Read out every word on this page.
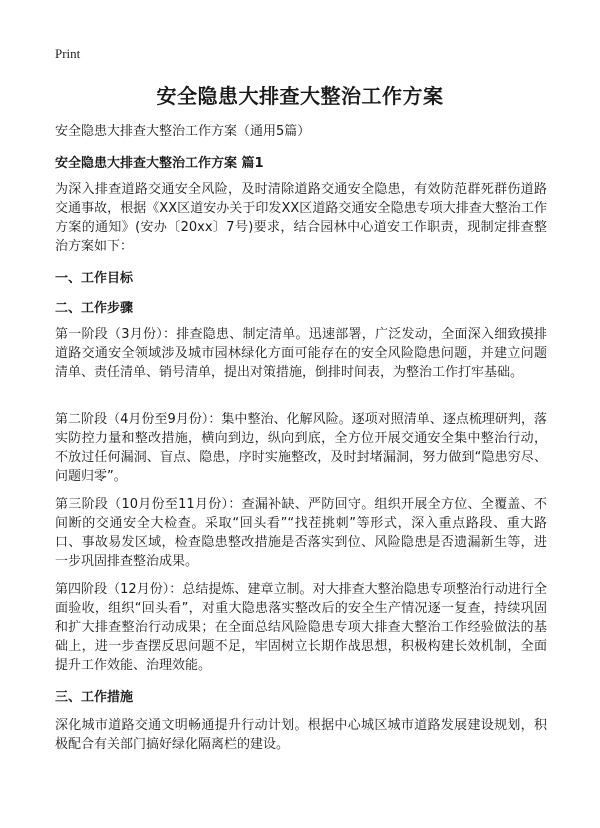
Print
安全隐患大排查大整治工作方案
安全隐患大排查大整治工作方案（通用5篇）
安全隐患大排查大整治工作方案 篇1

为深入排查道路交通安全风险，及时清除道路交通安全隐患，有效防范群死群伤道路交通事故，根据《XX区道安办关于印发XX区道路交通安全隐患专项大排查大整治工作方案的通知》(安办〔20xx〕7号)要求，结合园林中心道安工作职责，现制定排查整治方案如下：

一、工作目标
二、工作步骤

第一阶段（3月份）：排查隐患、制定清单。迅速部署，广泛发动，全面深入细致摸排道路交通安全领域涉及城市园林绿化方面可能存在的安全风险隐患问题，并建立问题清单、责任清单、销号清单，提出对策措施，倒排时间表，为整治工作打牢基础。

第二阶段（4月份至9月份）：集中整治、化解风险。逐项对照清单、逐点梳理研判，落实防控力量和整改措施，横向到边，纵向到底，全方位开展交通安全集中整治行动，不放过任何漏洞、盲点、隐患，序时实施整改，及时封堵漏洞，努力做到“隐患穷尽、问题归零”。

第三阶段（10月份至11月份）：查漏补缺、严防回守。组织开展全方位、全覆盖、不间断的交通安全大检查。采取“回头看”“找茬挑刺”等形式，深入重点路段、重大路口、事故易发区域，检查隐患整改措施是否落实到位、风险隐患是否遗漏新生等，进一步巩固排查整治成果。

第四阶段（12月份）：总结提炼、建章立制。对大排查大整治隐患专项整治行动进行全面验收，组织“回头看”，对重大隐患落实整改后的安全生产情况逐一复查，持续巩固和扩大排查整治行动成果；在全面总结风险隐患专项大排查大整治工作经验做法的基础上，进一步查摆反思问题不足，牢固树立长期作战思想，积极构建长效机制，全面提升工作效能、治理效能。

三、工作措施

深化城市道路交通文明畅通提升行动计划。根据中心城区城市道路发展建设规划，积极配合有关部门搞好绿化隔离栏的建设。
